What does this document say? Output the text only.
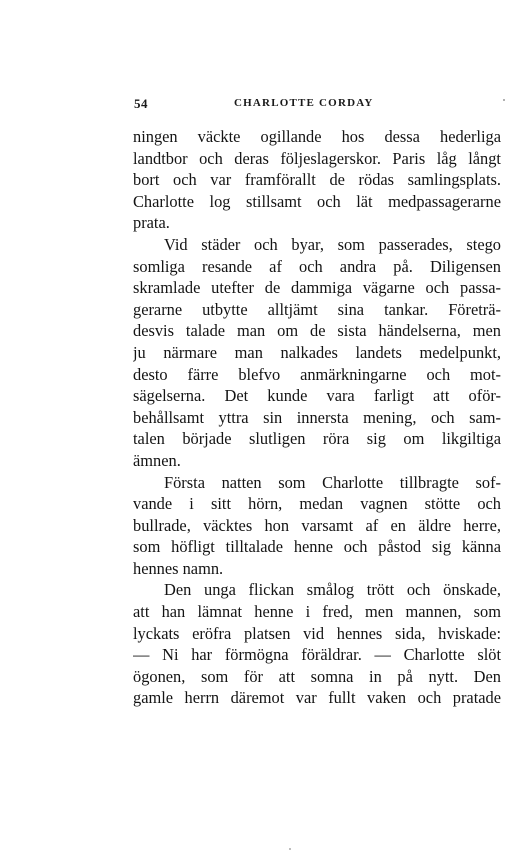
54	CHARLOTTE CORDAY
ningen väckte ogillande hos dessa hederliga
landtbor och deras följeslagerskor. Paris låg långt
bort och var framförallt de rödas samlingsplats.
Charlotte log stillsamt och lät medpassagerarne
prata.
Vid städer och byar, som passerades, stego
somliga resande af och andra på. Diligensen
skramlade utefter de dammiga vägarne och passa-
gerarne utbytte alltjämt sina tankar. Företrä-
desvis talade man om de sista händelserna, men
ju närmare man nalkades landets medelpunkt,
desto färre blefvo anmärkningarne och mot-
sägelserna. Det kunde vara farligt att oför-
behållsamt yttra sin innersta mening, och sam-
talen började slutligen röra sig om likgiltiga
ämnen.
Första natten som Charlotte tillbragte sof-
vande i sitt hörn, medan vagnen stötte och
bullrade, väcktes hon varsamt af en äldre herre,
som höfligt tilltalade henne och påstod sig känna
hennes namn.
Den unga flickan smålog trött och önskade,
att han lämnat henne i fred, men mannen, som
lyckats eröfra platsen vid hennes sida, hviskade:
— Ni har förmögna föräldrar. — Charlotte slöt
ögonen, som för att somna in på nytt. Den
gamle herrn däremot var fullt vaken och pratade
